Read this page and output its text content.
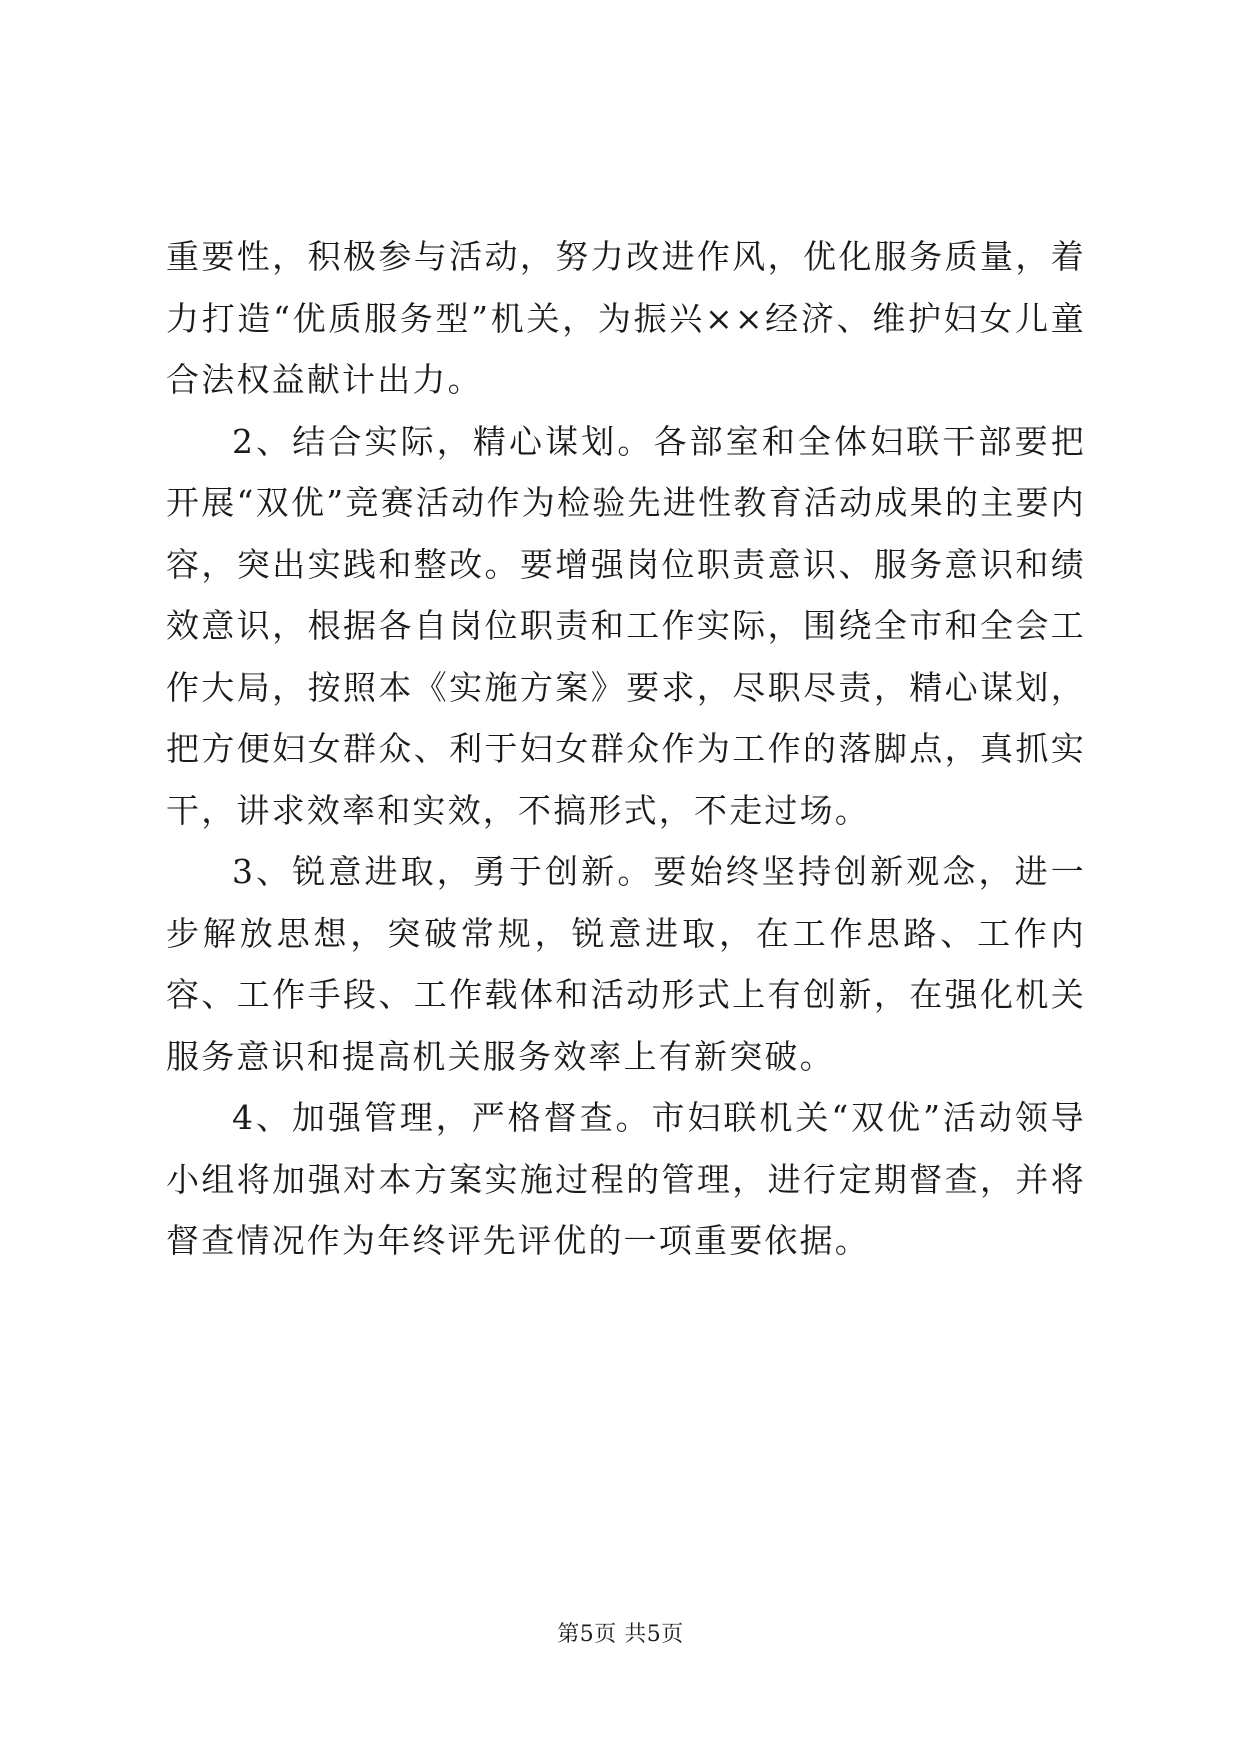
重要性，积极参与活动，努力改进作风，优化服务质量，着力打造“优质服务型”机关，为振兴××经济、维护妇女儿童合法权益献计出力。

2、结合实际，精心谋划。各部室和全体妇联干部要把开展“双优”竞赛活动作为检验先进性教育活动成果的主要内容，突出实践和整改。要增强岗位职责意识、服务意识和绩效意识，根据各自岗位职责和工作实际，围绕全市和全会工作大局，按照本《实施方案》要求，尽职尽责，精心谋划，把方便妇女群众、利于妇女群众作为工作的落脚点，真抓实干，讲求效率和实效，不搞形式，不走过场。

3、锐意进取，勇于创新。要始终坚持创新观念，进一步解放思想，突破常规，锐意进取，在工作思路、工作内容、工作手段、工作载体和活动形式上有创新，在强化机关服务意识和提高机关服务效率上有新突破。

4、加强管理，严格督查。市妇联机关“双优”活动领导小组将加强对本方案实施过程的管理，进行定期督查，并将督查情况作为年终评先评优的一项重要依据。

第5页 共5页
